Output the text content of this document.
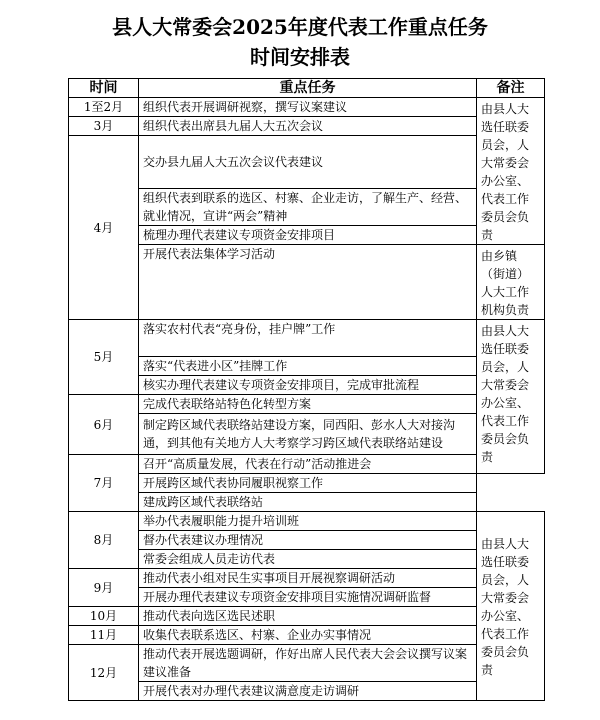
县人大常委会2025年度代表工作重点任务
时间安排表
时间	重点任务	备注
1至2月	组织代表开展调研视察，撰写议案建议	由县人大选任联委员会，人大常委会办公室、代表工作委员会负责
3月	组织代表出席县九届人大五次会议	
4月	交办县九届人大五次会议代表建议	
	组织代表到联系的选区、村寨、企业走访，了解生产、经营、就业情况，宣讲“两会”精神	
	梳理办理代表建议专项资金安排项目	
	开展代表法集体学习活动	由乡镇（街道）人大工作机构负责
5月	落实农村代表“亮身份，挂户牌”工作	由县人大选任联委员会，人大常委会办公室、代表工作委员会负责
	落实“代表进小区”挂牌工作	
	核实办理代表建议专项资金安排项目，完成审批流程	
6月	完成代表联络站特色化转型方案	
	制定跨区域代表联络站建设方案，同西阳、彭水人大对接沟通，到其他有关地方人大考察学习跨区域代表联络站建设	
7月	召开“高质量发展，代表在行动”活动推进会	
	开展跨区域代表协同履职视察工作	
	建成跨区域代表联络站	
8月	举办代表履职能力提升培训班	由县人大选任联委员会，人大常委会办公室、代表工作委员会负责
	督办代表建议办理情况	
	常委会组成人员走访代表	
9月	推动代表小组对民生实事项目开展视察调研活动	
	开展办理代表建议专项资金安排项目实施情况调研监督	
10月	推动代表向选区选民述职	
11月	收集代表联系选区、村寨、企业办实事情况	
12月	推动代表开展选题调研，作好出席人民代表大会会议撰写议案建议准备	
	开展代表对办理代表建议满意度走访调研	
